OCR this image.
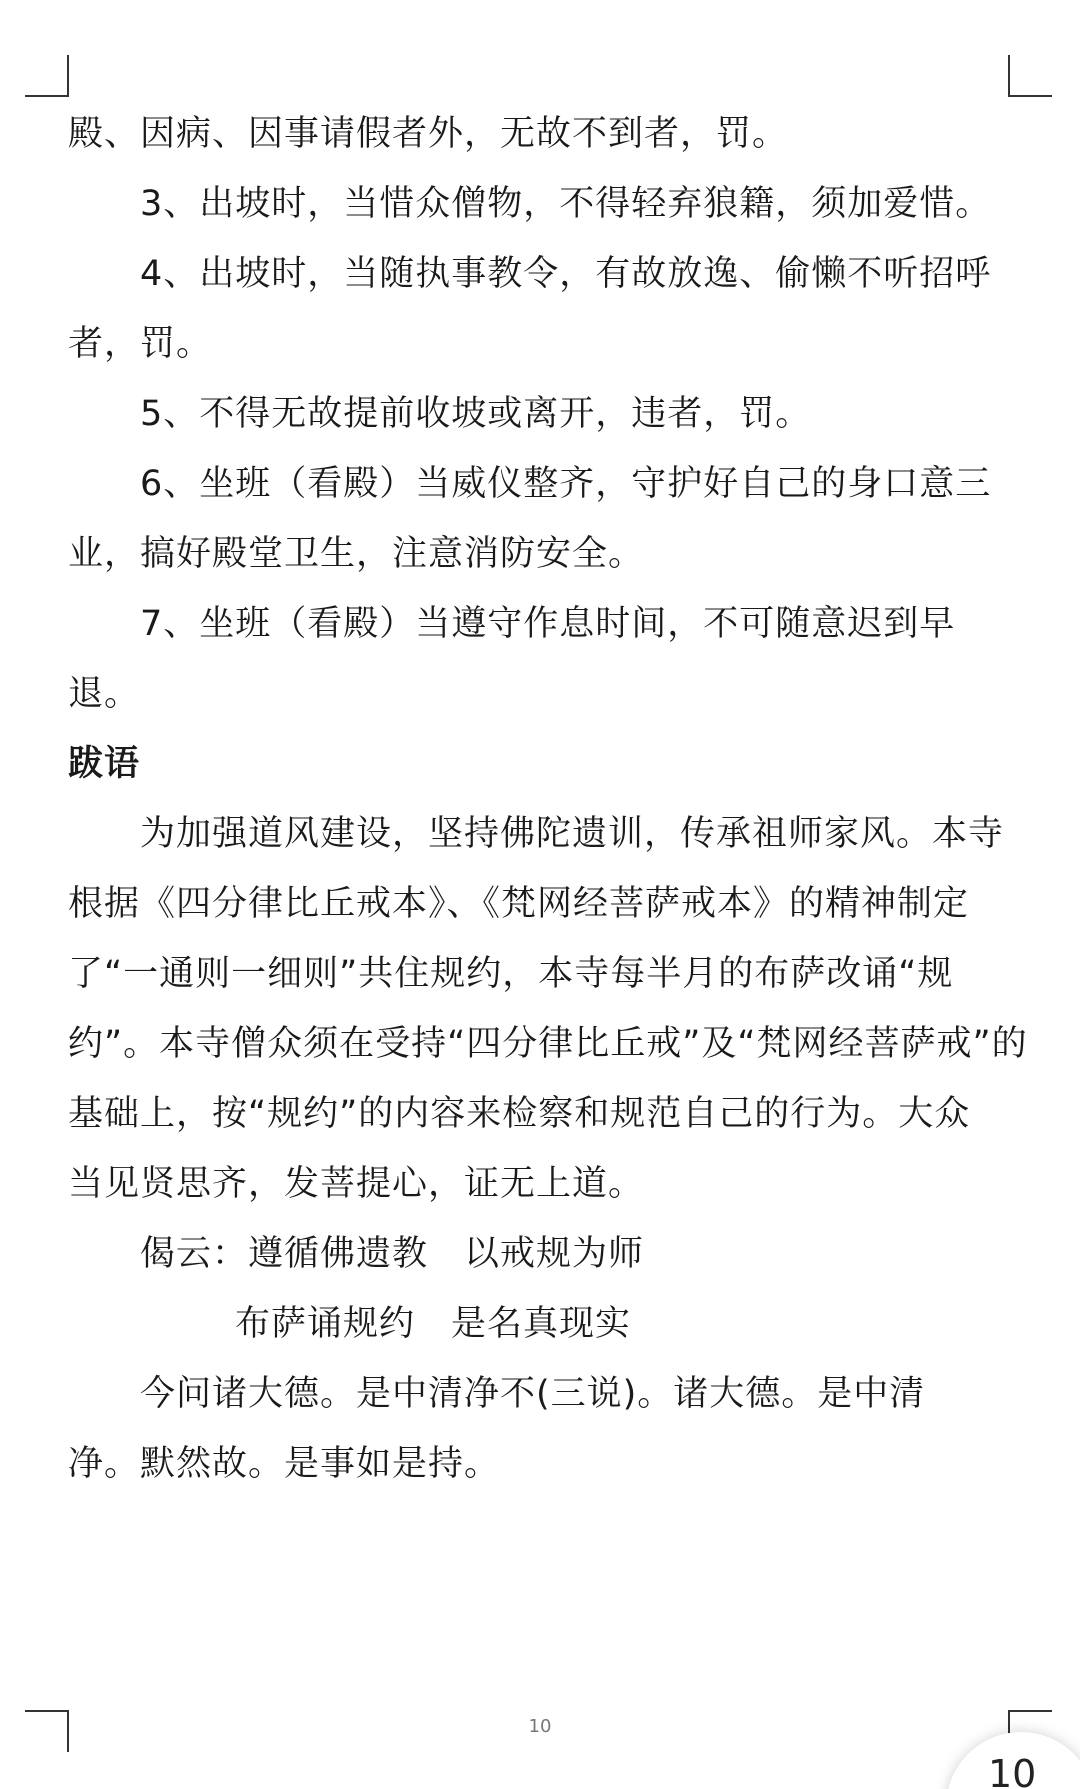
殿、因病、因事请假者外，无故不到者，罚。
3、出坡时，当惜众僧物，不得轻弃狼籍，须加爱惜。
4、出坡时，当随执事教令，有故放逸、偷懒不听招呼
者，罚。
5、不得无故提前收坡或离开，违者，罚。
6、坐班（看殿）当威仪整齐，守护好自己的身口意三
业，搞好殿堂卫生，注意消防安全。
7、坐班（看殿）当遵守作息时间，不可随意迟到早
退。
跋语
为加强道风建设，坚持佛陀遗训，传承祖师家风。本寺
根据《四分律比丘戒本》、《梵网经菩萨戒本》的精神制定
了“一通则一细则”共住规约，本寺每半月的布萨改诵“规
约”。本寺僧众须在受持“四分律比丘戒”及“梵网经菩萨戒”的
基础上，按“规约”的内容来检察和规范自己的行为。大众
当见贤思齐，发菩提心，证无上道。
偈云：遵循佛遗教　以戒规为师
布萨诵规约　是名真现实
今问诸大德。是中清净不(三说)。诸大德。是中清
净。默然故。是事如是持。
10
10
